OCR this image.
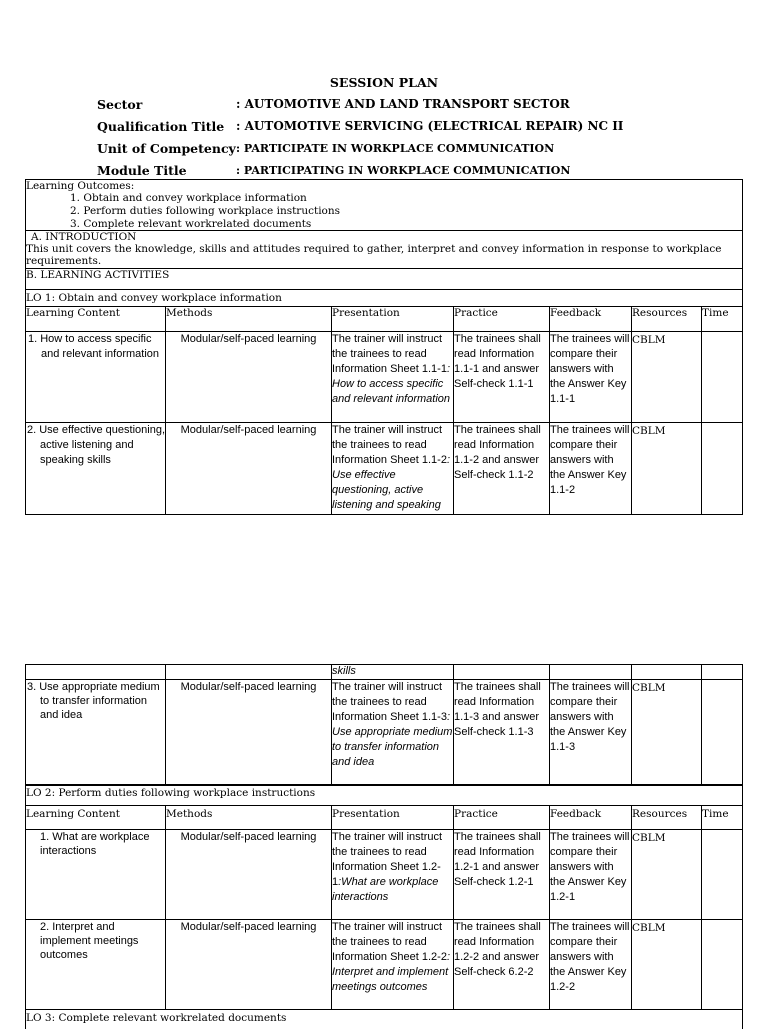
SESSION PLAN
Sector	: AUTOMOTIVE AND LAND TRANSPORT SECTOR
Qualification Title : AUTOMOTIVE SERVICING (ELECTRICAL REPAIR) NC II
Unit of Competency : PARTICIPATE IN WORKPLACE COMMUNICATION
Module Title	: PARTICIPATING IN WORKPLACE COMMUNICATION
Learning Outcomes:
1. Obtain and convey workplace information
2. Perform duties following workplace instructions
3. Complete relevant workrelated documents
A. INTRODUCTION
This unit covers the knowledge, skills and attitudes required to gather, interpret and convey information in response to workplace requirements.
B. LEARNING ACTIVITIES
LO 1: Obtain and convey workplace information
Learning Content	Methods	Presentation	Practice	Feedback	Resources	Time

1. How to access specific and relevant information	Modular/self-paced learning	The trainer will instruct the trainees to read Information Sheet 1.1-1: How to access specific and relevant information	The trainees shall read Information 1.1-1 and answer Self-check 1.1-1	The trainees will compare their answers with the Answer Key 1.1-1	CBLM	

2. Use effective questioning, active listening and speaking skills	Modular/self-paced learning	The trainer will instruct the trainees to read Information Sheet 1.1-2: Use effective questioning, active listening and speaking	The trainees shall read Information 1.1-2 and answer Self-check 1.1-2	The trainees will compare their answers with the Answer Key 1.1-2	CBLM	
		skills				

3. Use appropriate medium to transfer information and idea	Modular/self-paced learning	The trainer will instruct the trainees to read Information Sheet 1.1-3: Use appropriate medium to transfer information and idea	The trainees shall read Information 1.1-3 and answer Self-check 1.1-3	The trainees will compare their answers with the Answer Key 1.1-3	CBLM	
LO 2: Perform duties following workplace instructions
Learning Content	Methods	Presentation	Practice	Feedback	Resources	Time

1. What are workplace interactions	Modular/self-paced learning	The trainer will instruct the trainees to read Information Sheet 1.2-1:What are workplace interactions	The trainees shall read Information 1.2-1 and answer Self-check 1.2-1	The trainees will compare their answers with the Answer Key 1.2-1	CBLM	

2. Interpret and implement meetings outcomes	Modular/self-paced learning	The trainer will instruct the trainees to read Information Sheet 1.2-2: Interpret and implement meetings outcomes	The trainees shall read Information 1.2-2 and answer Self-check 6.2-2	The trainees will compare their answers with the Answer Key 1.2-2	CBLM	
LO 3: Complete relevant workrelated documents
